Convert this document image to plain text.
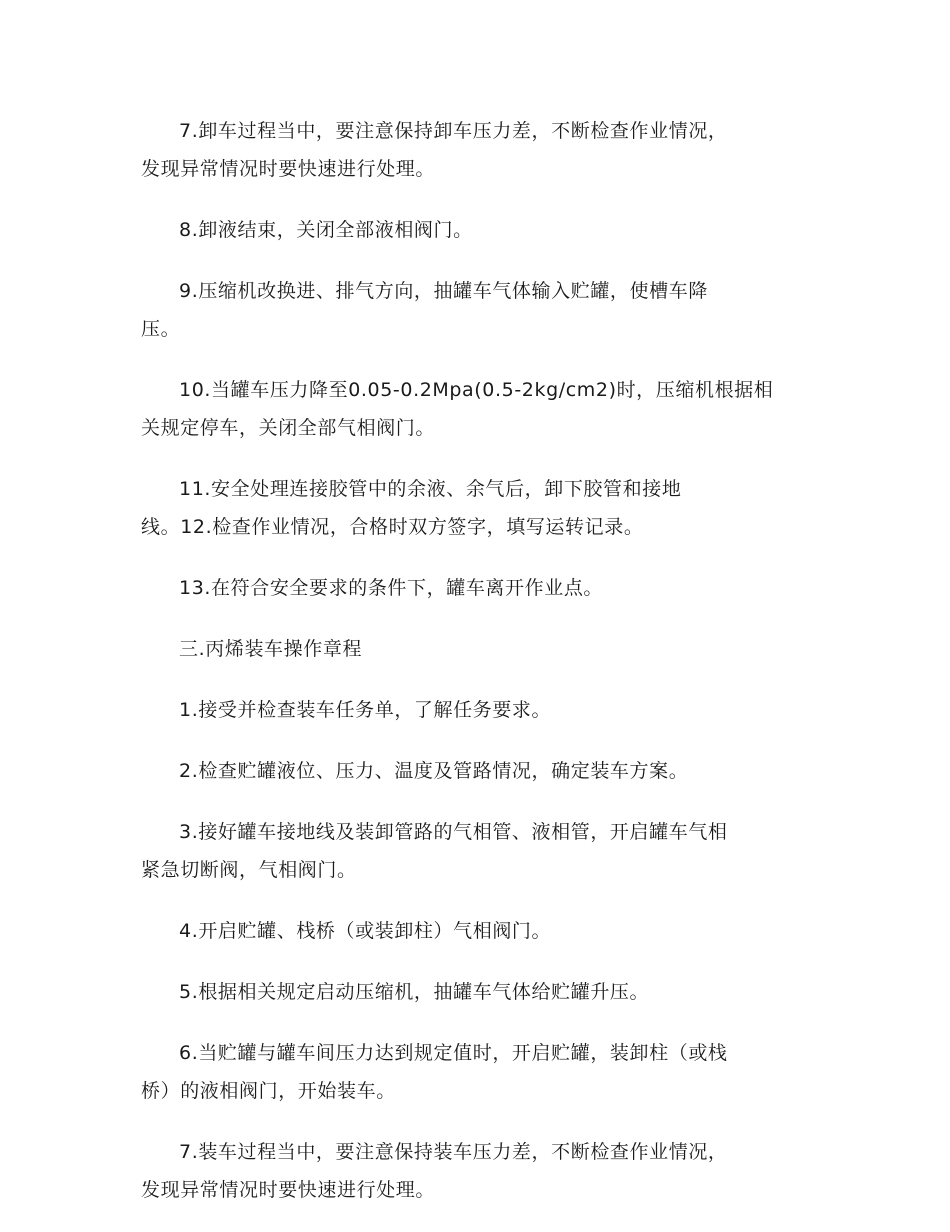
7.卸车过程当中，要注意保持卸车压力差，不断检查作业情况，
发现异常情况时要快速进行处理。

8.卸液结束，关闭全部液相阀门。

9.压缩机改换进、排气方向，抽罐车气体输入贮罐，使槽车降
压。

10.当罐车压力降至0.05-0.2Mpa(0.5-2kg/cm2)时，压缩机根据相
关规定停车，关闭全部气相阀门。

11.安全处理连接胶管中的余液、余气后，卸下胶管和接地
线。12.检查作业情况，合格时双方签字，填写运转记录。

13.在符合安全要求的条件下，罐车离开作业点。

三.丙烯装车操作章程

1.接受并检查装车任务单，了解任务要求。

2.检查贮罐液位、压力、温度及管路情况，确定装车方案。

3.接好罐车接地线及装卸管路的气相管、液相管，开启罐车气相
紧急切断阀，气相阀门。

4.开启贮罐、栈桥（或装卸柱）气相阀门。

5.根据相关规定启动压缩机，抽罐车气体给贮罐升压。

6.当贮罐与罐车间压力达到规定值时，开启贮罐，装卸柱（或栈
桥）的液相阀门，开始装车。

7.装车过程当中，要注意保持装车压力差，不断检查作业情况，
发现异常情况时要快速进行处理。
